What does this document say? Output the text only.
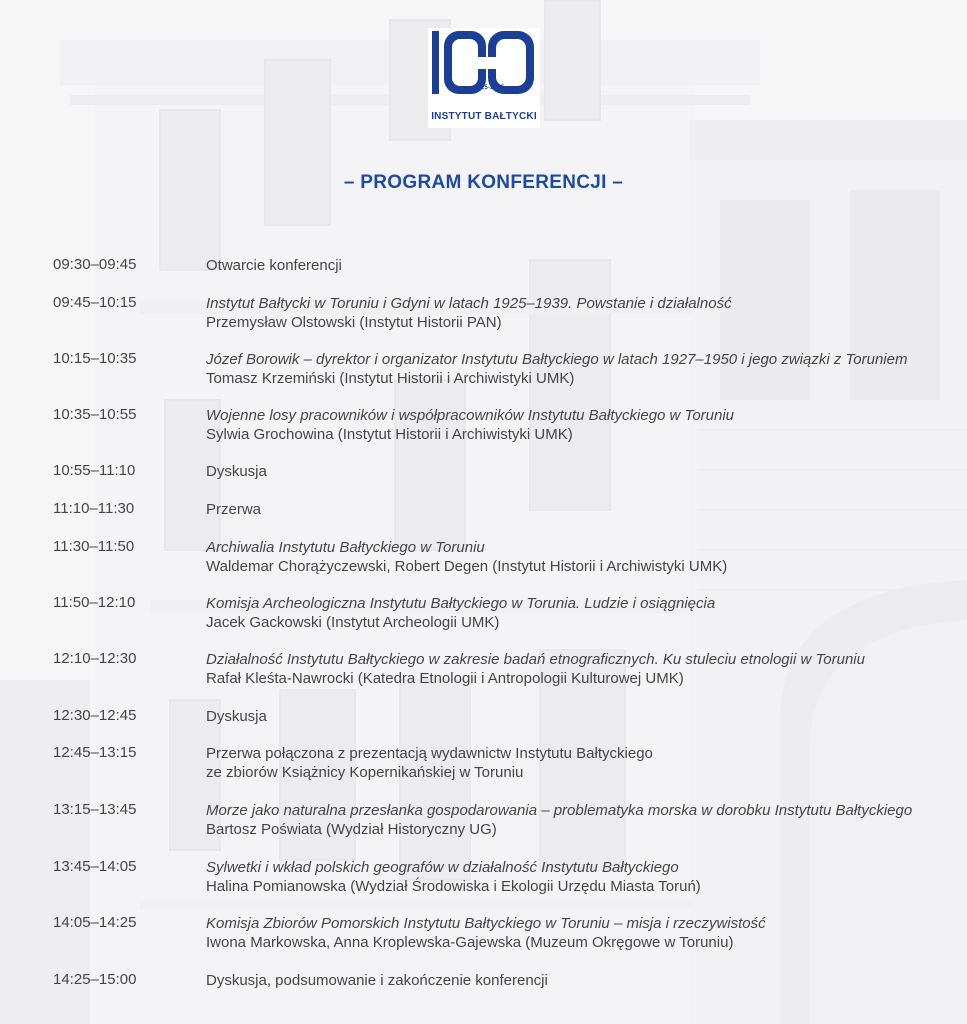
1925-2025
INSTYTUT BAŁTYCKI
– PROGRAM KONFERENCJI –
09:30–09:45	Otwarcie konferencji
09:45–10:15	Instytut Bałtycki w Toruniu i Gdyni w latach 1925–1939. Powstanie i działalność
Przemysław Olstowski (Instytut Historii PAN)
10:15–10:35	Józef Borowik – dyrektor i organizator Instytutu Bałtyckiego w latach 1927–1950 i jego związki z Toruniem
Tomasz Krzemiński (Instytut Historii i Archiwistyki UMK)
10:35–10:55	Wojenne losy pracowników i współpracowników Instytutu Bałtyckiego w Toruniu
Sylwia Grochowina (Instytut Historii i Archiwistyki UMK)
10:55–11:10	Dyskusja
11:10–11:30	Przerwa
11:30–11:50	Archiwalia Instytutu Bałtyckiego w Toruniu
Waldemar Chorążyczewski, Robert Degen (Instytut Historii i Archiwistyki UMK)
11:50–12:10	Komisja Archeologiczna Instytutu Bałtyckiego w Torunia. Ludzie i osiągnięcia
Jacek Gackowski (Instytut Archeologii UMK)
12:10–12:30	Działalność Instytutu Bałtyckiego w zakresie badań etnograficznych. Ku stuleciu etnologii w Toruniu
Rafał Kleśta-Nawrocki (Katedra Etnologii i Antropologii Kulturowej UMK)
12:30–12:45	Dyskusja
12:45–13:15	Przerwa połączona z prezentacją wydawnictw Instytutu Bałtyckiego
ze zbiorów Książnicy Kopernikańskiej w Toruniu
13:15–13:45	Morze jako naturalna przesłanka gospodarowania – problematyka morska w dorobku Instytutu Bałtyckiego
Bartosz Poświata (Wydział Historyczny UG)
13:45–14:05	Sylwetki i wkład polskich geografów w działalność Instytutu Bałtyckiego
Halina Pomianowska (Wydział Środowiska i Ekologii Urzędu Miasta Toruń)
14:05–14:25	Komisja Zbiorów Pomorskich Instytutu Bałtyckiego w Toruniu – misja i rzeczywistość
Iwona Markowska, Anna Kroplewska-Gajewska (Muzeum Okręgowe w Toruniu)
14:25–15:00	Dyskusja, podsumowanie i zakończenie konferencji
